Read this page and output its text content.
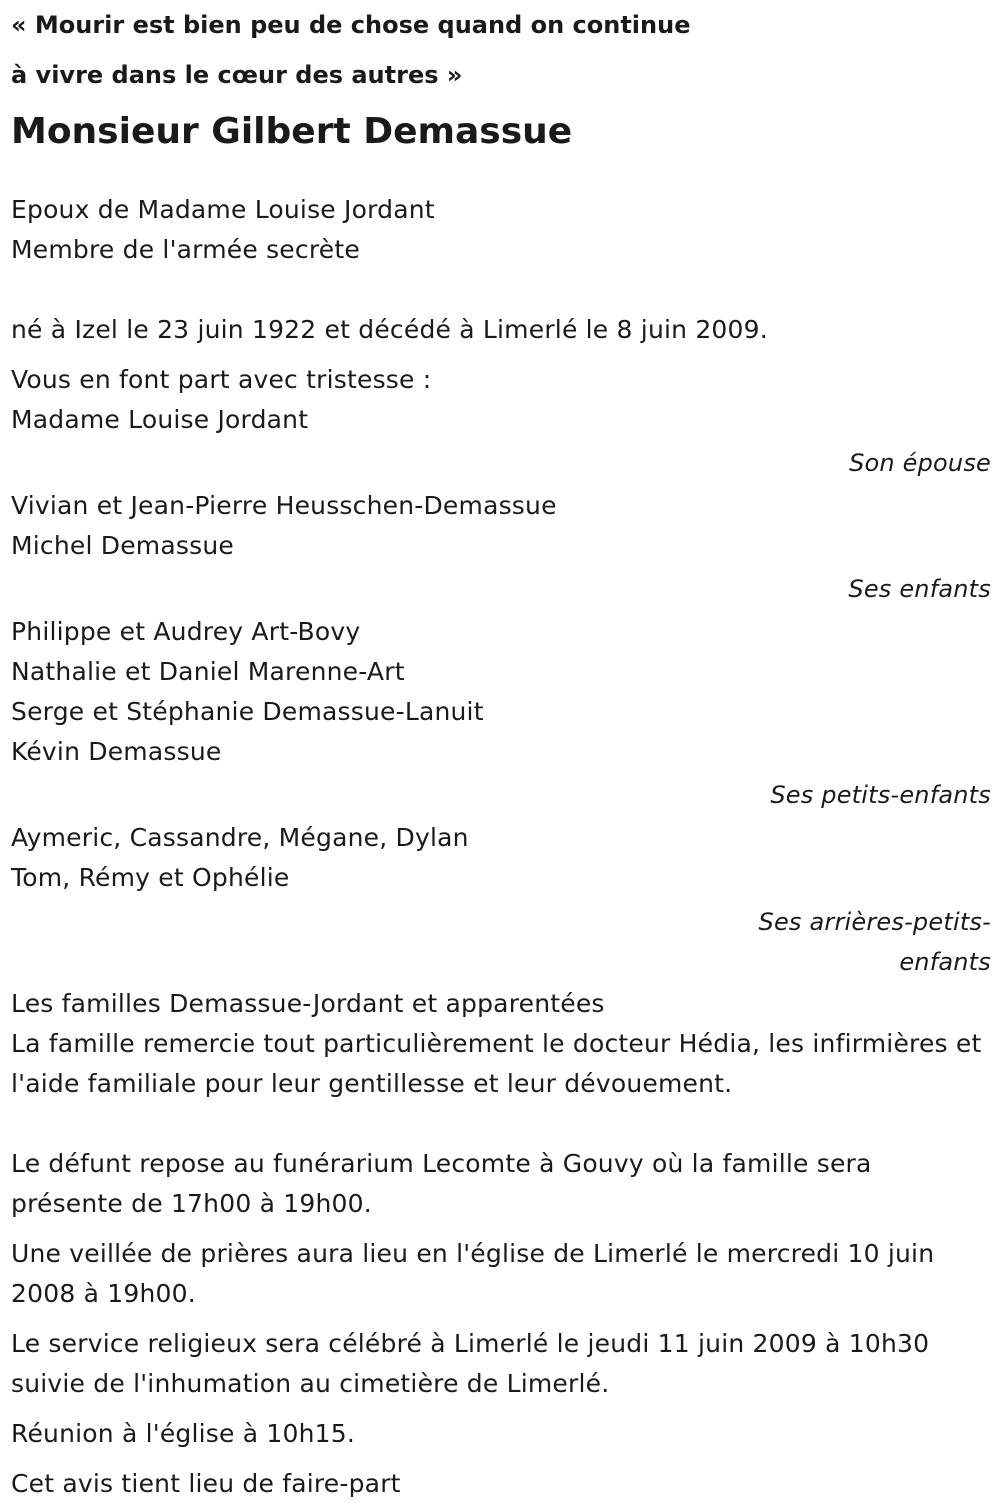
« Mourir est bien peu de chose quand on continue
à vivre dans le cœur des autres »
Monsieur Gilbert Demassue
Epoux de Madame Louise Jordant
Membre de l'armée secrète
né à Izel le 23 juin 1922 et décédé à Limerlé le 8 juin 2009.
Vous en font part avec tristesse :
Madame Louise Jordant
Son épouse
Vivian et Jean-Pierre Heusschen-Demassue
Michel Demassue
Ses enfants
Philippe et Audrey Art-Bovy
Nathalie et Daniel Marenne-Art
Serge et Stéphanie Demassue-Lanuit
Kévin Demassue
Ses petits-enfants
Aymeric, Cassandre, Mégane, Dylan
Tom, Rémy et Ophélie
Ses arrières-petits-
enfants
Les familles Demassue-Jordant et apparentées
La famille remercie tout particulièrement le docteur Hédia, les infirmières et l'aide familiale pour leur gentillesse et leur dévouement.
Le défunt repose au funérarium Lecomte à Gouvy où la famille sera présente de 17h00 à 19h00.
Une veillée de prières aura lieu en l'église de Limerlé le mercredi 10 juin 2008 à 19h00.
Le service religieux sera célébré à Limerlé le jeudi 11 juin 2009 à 10h30 suivie de l'inhumation au cimetière de Limerlé.
Réunion à l'église à 10h15.
Cet avis tient lieu de faire-part
